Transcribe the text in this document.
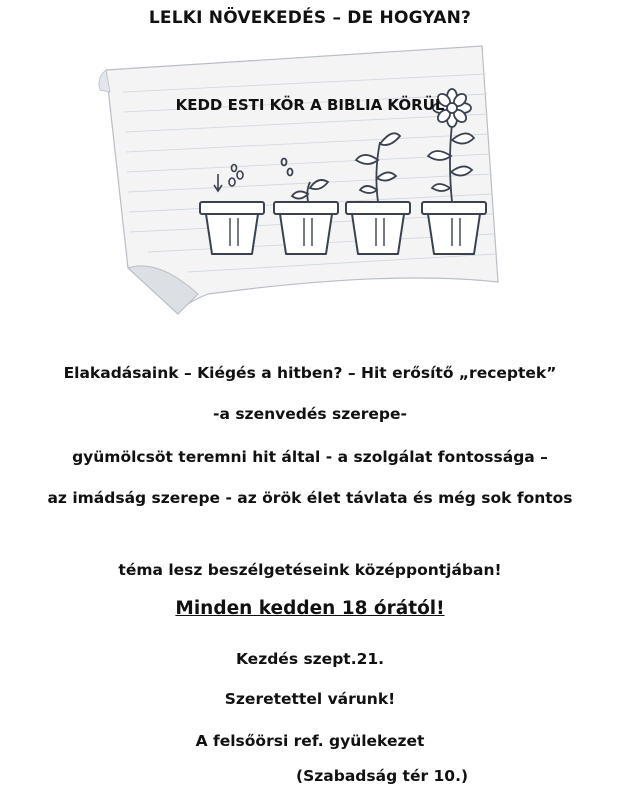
LELKI NÖVEKEDÉS – DE HOGYAN?
KEDD ESTI KÖR A BIBLIA KÖRÜL
Elakadásaink – Kiégés a hitben? – Hit erősítő „receptek”
-a szenvedés szerepe-
gyümölcsöt teremni hit által - a szolgálat fontossága –
az imádság szerepe - az örök élet távlata és még sok fontos
téma lesz beszélgetéseink középpontjában!
Minden kedden 18 órától!
Kezdés szept.21.
Szeretettel várunk!
A felsőörsi ref. gyülekezet
(Szabadság tér 10.)
